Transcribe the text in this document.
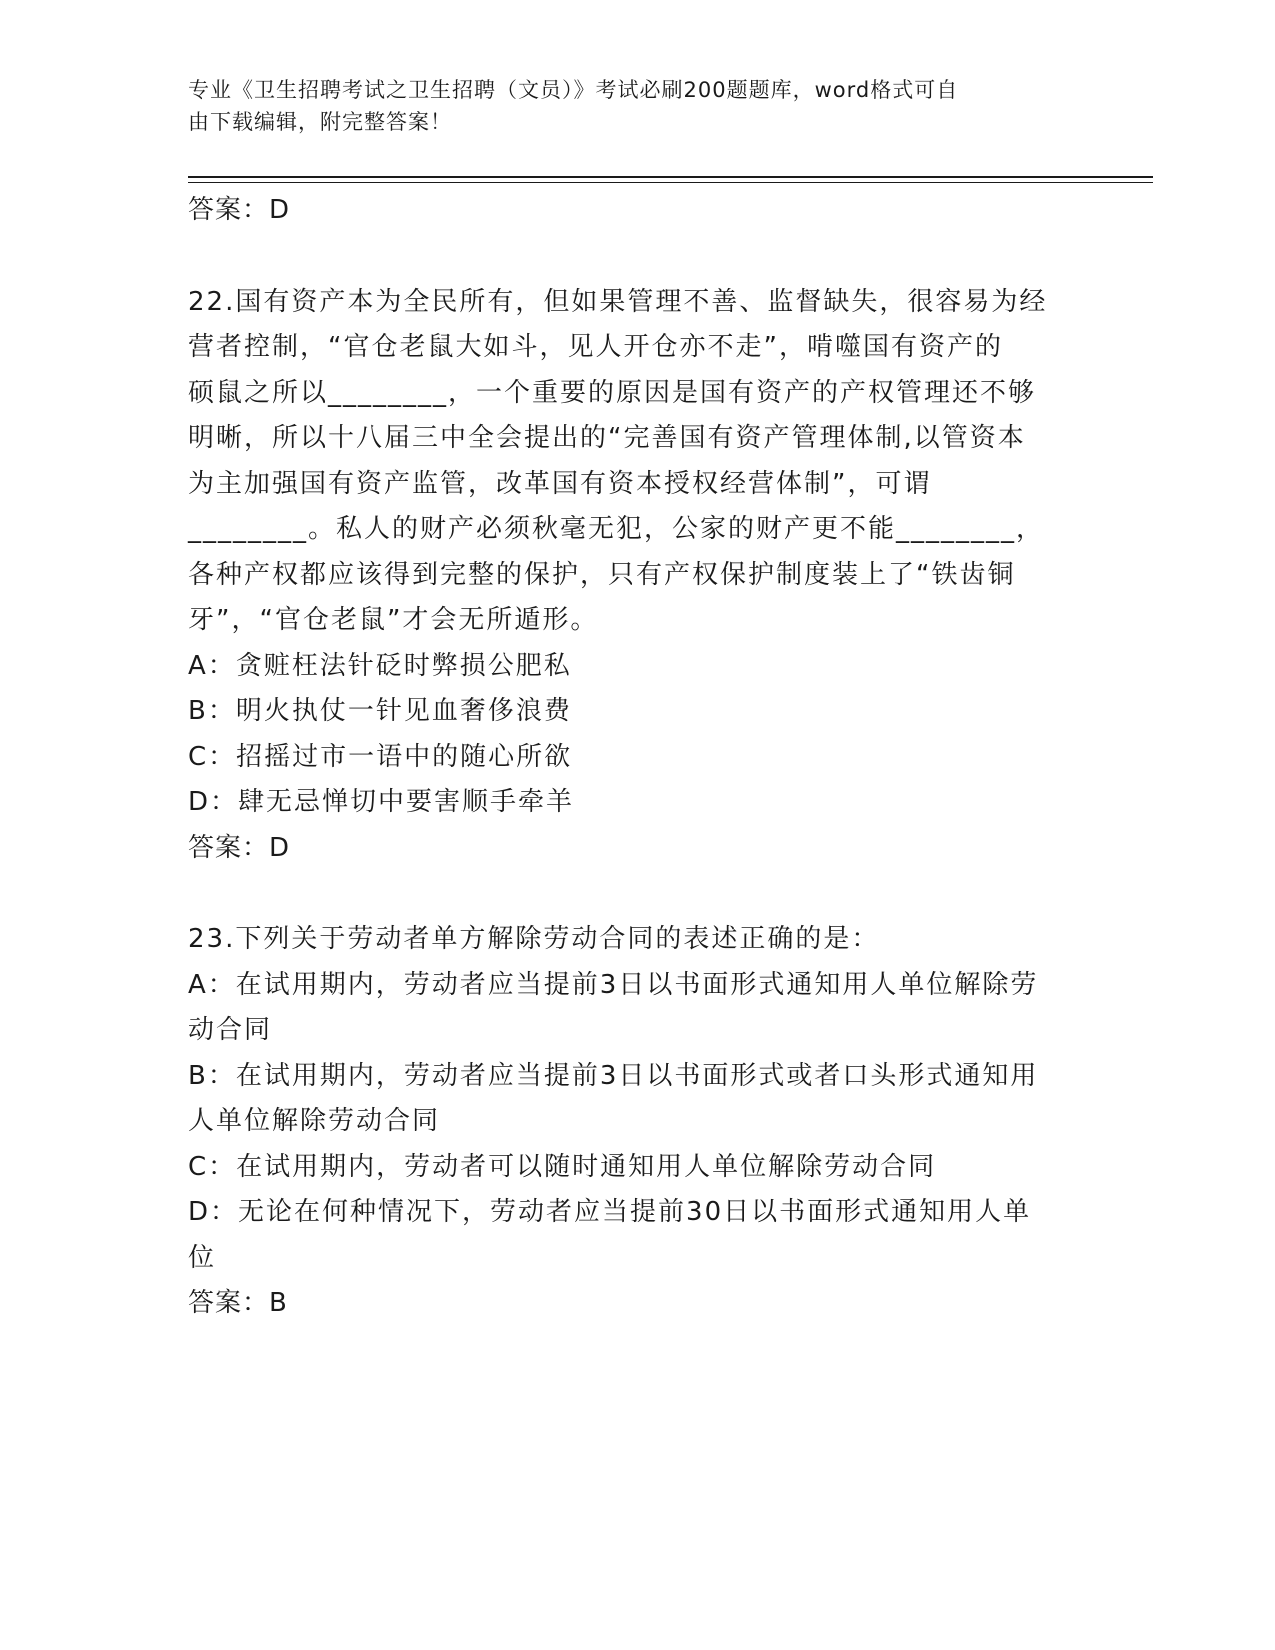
专业《卫生招聘考试之卫生招聘（文员）》考试必刷200题题库，word格式可自
由下载编辑，附完整答案！
答案：D
22.国有资产本为全民所有，但如果管理不善、监督缺失，很容易为经
营者控制，“官仓老鼠大如斗，见人开仓亦不走”，啃噬国有资产的
硕鼠之所以________，一个重要的原因是国有资产的产权管理还不够
明晰，所以十八届三中全会提出的“完善国有资产管理体制,以管资本
为主加强国有资产监管，改革国有资本授权经营体制”，可谓
________。私人的财产必须秋毫无犯，公家的财产更不能________，
各种产权都应该得到完整的保护，只有产权保护制度装上了“铁齿铜
牙”，“官仓老鼠”才会无所遁形。
A：贪赃枉法针砭时弊损公肥私
B：明火执仗一针见血奢侈浪费
C：招摇过市一语中的随心所欲
D：肆无忌惮切中要害顺手牵羊
答案：D
23.下列关于劳动者单方解除劳动合同的表述正确的是：
A：在试用期内，劳动者应当提前3日以书面形式通知用人单位解除劳
动合同
B：在试用期内，劳动者应当提前3日以书面形式或者口头形式通知用
人单位解除劳动合同
C：在试用期内，劳动者可以随时通知用人单位解除劳动合同
D：无论在何种情况下，劳动者应当提前30日以书面形式通知用人单
位
答案：B
